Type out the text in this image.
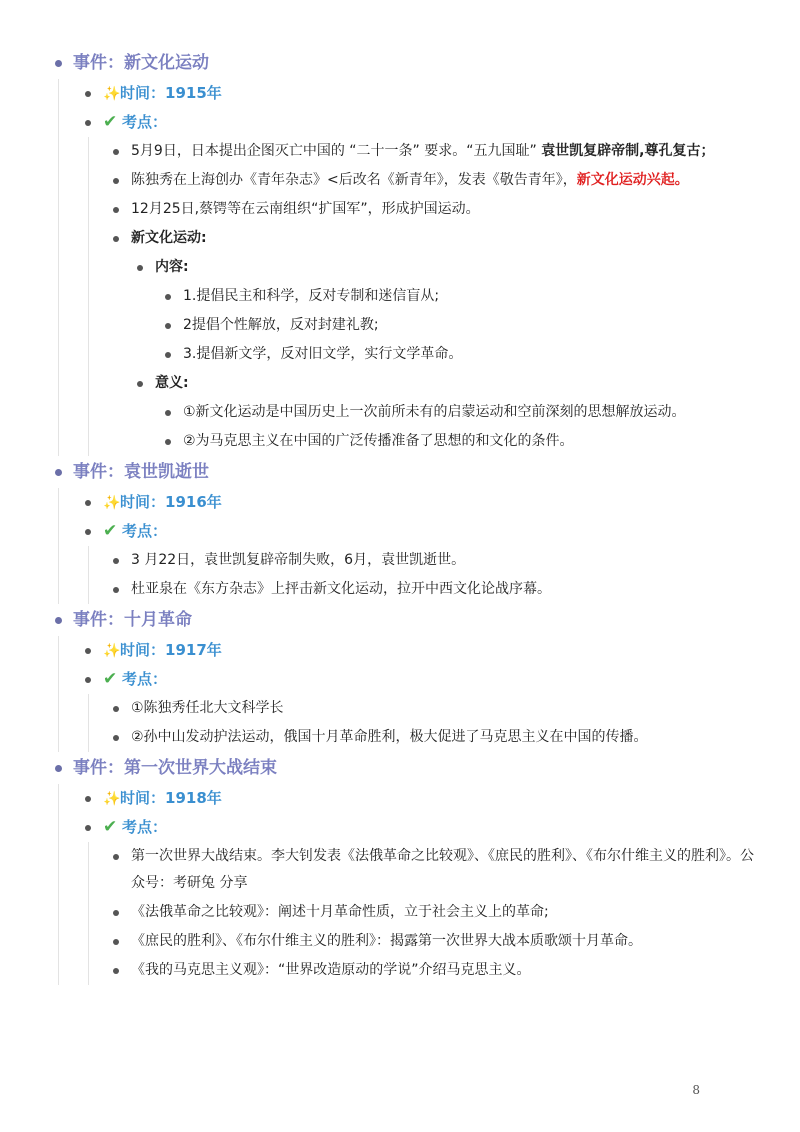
事件：新文化运动
✨时间：1915年
✔ 考点：
5月9日，日本提出企图灭亡中国的 “二十一条” 要求。“五九国耻” 袁世凯复辟帝制,尊孔复古；
陈独秀在上海创办《青年杂志》<后改名《新青年》，发表《敬告青年》，新文化运动兴起。
12月25日,蔡锷等在云南组织“扩国军”，形成护国运动。
新文化运动:
内容:
1.提倡民主和科学，反对专制和迷信盲从;
2提倡个性解放，反对封建礼教;
3.提倡新文学，反对旧文学，实行文学革命。
意义:
①新文化运动是中国历史上一次前所未有的启蒙运动和空前深刻的思想解放运动。
②为马克思主义在中国的广泛传播准备了思想的和文化的条件。
事件：袁世凯逝世
✨时间：1916年
✔ 考点：
3 月22日，袁世凯复辟帝制失败，6月，袁世凯逝世。
杜亚泉在《东方杂志》上抨击新文化运动，拉开中西文化论战序幕。
事件：十月革命
✨时间：1917年
✔ 考点：
①陈独秀任北大文科学长
②孙中山发动护法运动，俄国十月革命胜利，极大促进了马克思主义在中国的传播。
事件：第一次世界大战结束
✨时间：1918年
✔ 考点：
第一次世界大战结束。李大钊发表《法俄革命之比较观》、《庶民的胜利》、《布尔什维主义的胜利》。公众号：考研兔 分享
《法俄革命之比较观》：阐述十月革命性质，立于社会主义上的革命;
《庶民的胜利》、《布尔什维主义的胜利》：揭露第一次世界大战本质歌颂十月革命。
《我的马克思主义观》：“世界改造原动的学说”介绍马克思主义。
8
